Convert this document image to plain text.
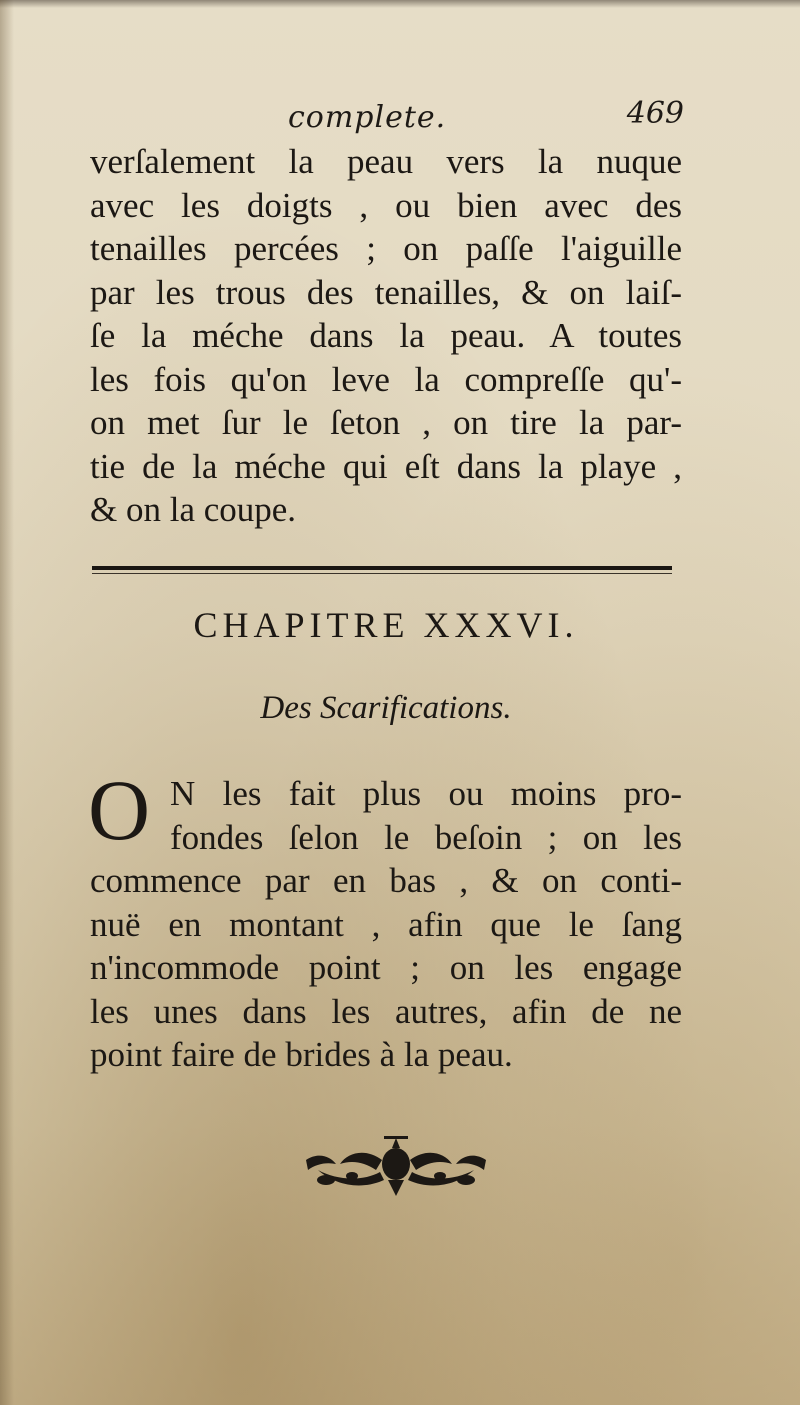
complete.	469
verſalement la peau vers la nuque
avec les doigts , ou bien avec des
tenailles percées ; on paſſe l'aiguille
par les trous des tenailles, & on laiſ-
ſe la méche dans la peau. A toutes
les fois qu'on leve la compreſſe qu'-
on met ſur le ſeton , on tire la par-
tie de la méche qui eſt dans la playe ,
& on la coupe.
CHAPITRE XXXVI.
Des Scarifications.
O N les fait plus ou moins pro-
fondes ſelon le beſoin ; on les
commence par en bas , & on conti-
nuë en montant , afin que le ſang
n'incommode point ; on les engage
les unes dans les autres, afin de ne
point faire de brides à la peau.
